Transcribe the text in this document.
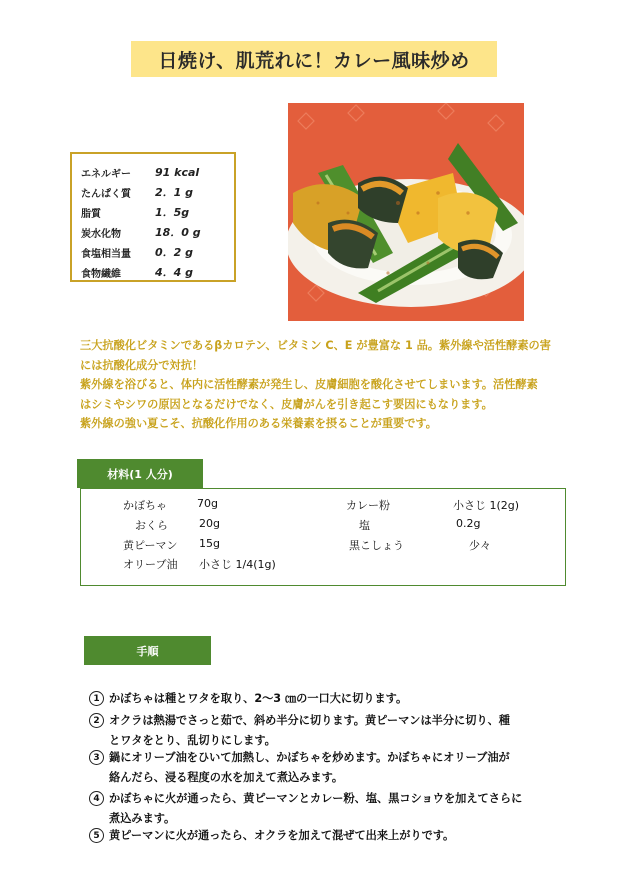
日焼け、肌荒れに！カレー風味炒め
エネルギー	91 kcal
たんぱく質	2．1 g
脂質	1．5g
炭水化物	18．0 g
食塩相当量	0．2 g
食物繊維	4．4 g

三大抗酸化ビタミンであるβカロテン、ビタミン C、E が豊富な 1 品。紫外線や活性酵素の害

には抗酸化成分で対抗！

紫外線を浴びると、体内に活性酵素が発生し、皮膚細胞を酸化させてしまいます。活性酵素

はシミやシワの原因となるだけでなく、皮膚がんを引き起こす要因にもなります。

紫外線の強い夏こそ、抗酸化作用のある栄養素を摂ることが重要です。

材料(1 人分)
かぼちゃ	70g
おくら	20g
黄ピーマン 15g
オリーブ油 小さじ 1/4(1g)
カレー粉	小さじ 1(2g)
塩	0.2g
黒こしょう	少々
手順
1 かぼちゃは種とワタを取り、2〜3 ㎝の一口大に切ります。
2 オクラは熱湯でさっと茹で、斜め半分に切ります。黄ピーマンは半分に切り、種
とワタをとり、乱切りにします。
3 鍋にオリーブ油をひいて加熱し、かぼちゃを炒めます。かぼちゃにオリーブ油が
絡んだら、浸る程度の水を加えて煮込みます。
4 かぼちゃに火が通ったら、黄ピーマンとカレー粉、塩、黒コショウを加えてさらに
煮込みます。
5 黄ピーマンに火が通ったら、オクラを加えて混ぜて出来上がりです。
